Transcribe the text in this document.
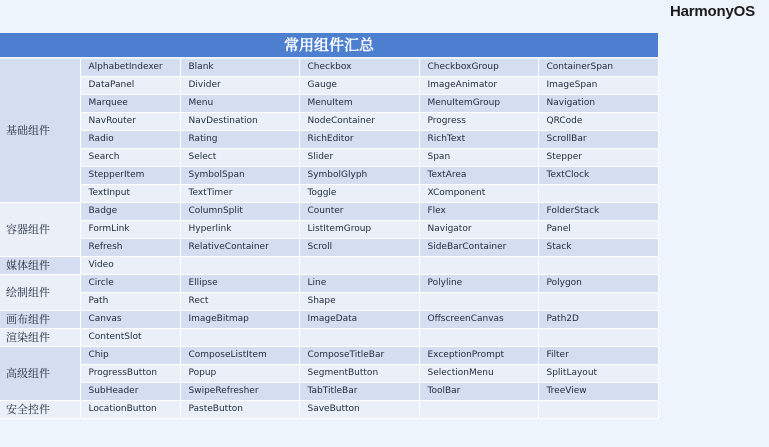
HarmonyOS
常用组件汇总
基础组件	AlphabetIndexer	Blank	Checkbox	CheckboxGroup	ContainerSpan
	DataPanel	Divider	Gauge	ImageAnimator	ImageSpan
	Marquee	Menu	MenuItem	MenuItemGroup	Navigation
	NavRouter	NavDestination	NodeContainer	Progress	QRCode
	Radio	Rating	RichEditor	RichText	ScrollBar
	Search	Select	Slider	Span	Stepper
	StepperItem	SymbolSpan	SymbolGlyph	TextArea	TextClock
	TextInput	TextTimer	Toggle	XComponent	
容器组件	Badge	ColumnSplit	Counter	Flex	FolderStack
	FormLink	Hyperlink	ListItemGroup	Navigator	Panel
	Refresh	RelativeContainer	Scroll	SideBarContainer	Stack
媒体组件	Video				
绘制组件	Circle	Ellipse	Line	Polyline	Polygon
	Path	Rect	Shape		
画布组件	Canvas	ImageBitmap	ImageData	OffscreenCanvas	Path2D
渲染组件	ContentSlot				
高级组件	Chip	ComposeListItem	ComposeTitleBar	ExceptionPrompt	Filter
	ProgressButton	Popup	SegmentButton	SelectionMenu	SplitLayout
	SubHeader	SwipeRefresher	TabTitleBar	ToolBar	TreeView
安全控件	LocationButton	PasteButton	SaveButton		
